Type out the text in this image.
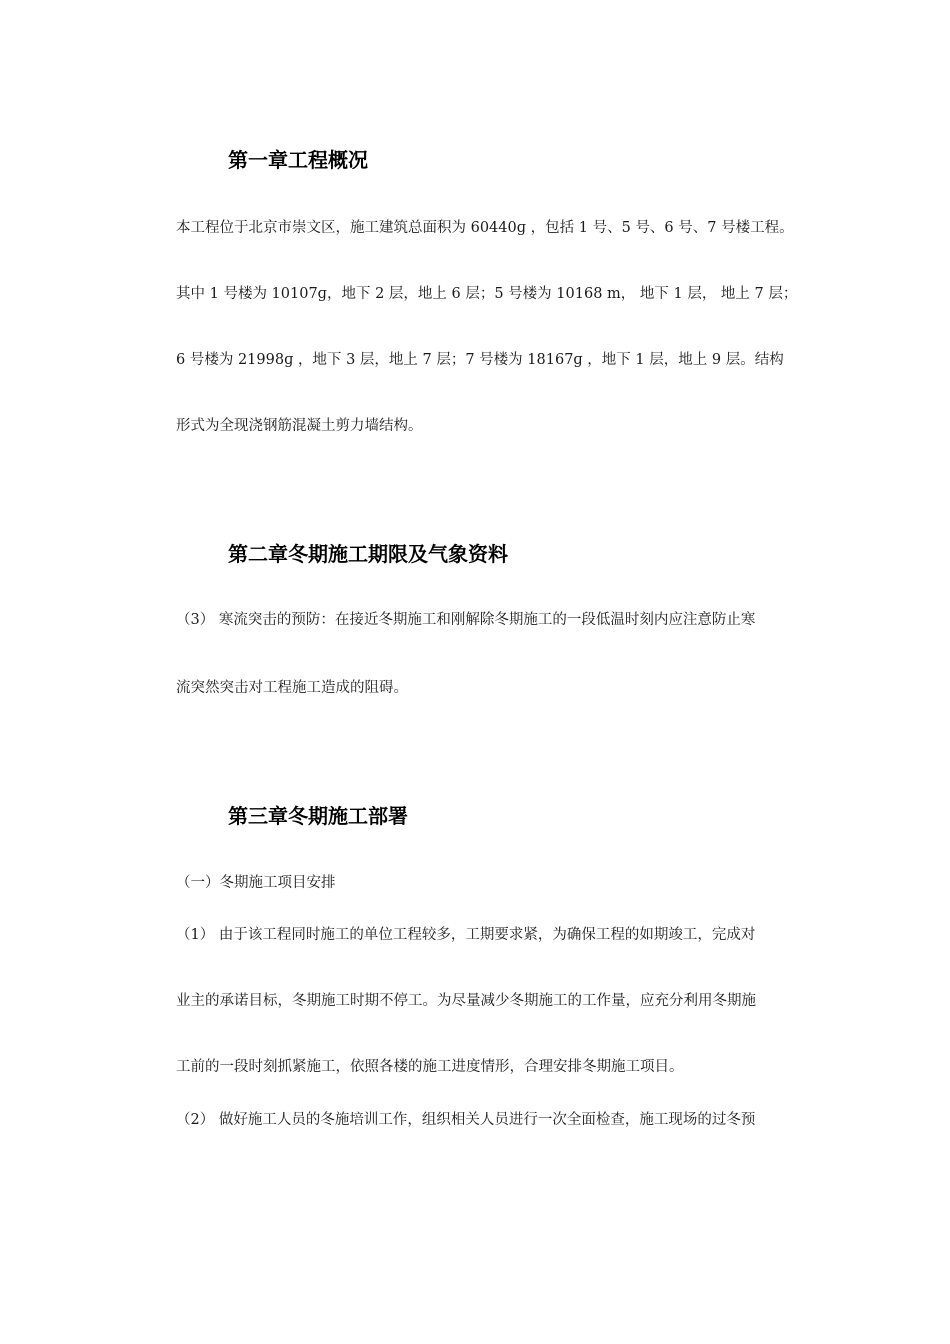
第一章工程概况
本工程位于北京市崇文区，施工建筑总面积为 60440ɡ ，包括 1 号、5 号、6 号、7 号楼工程。
其中 1 号楼为 10107ɡ，地下 2 层，地上 6 层；5 号楼为 10168 m， 地下 1 层， 地上 7 层；
6 号楼为 21998ɡ ，地下 3 层，地上 7 层；7 号楼为 18167ɡ ，地下 1 层，地上 9 层。结构
形式为全现浇钢筋混凝土剪力墙结构。
第二章冬期施工期限及气象资料
（3） 寒流突击的预防：在接近冬期施工和刚解除冬期施工的一段低温时刻内应注意防止寒
流突然突击对工程施工造成的阻碍。
第三章冬期施工部署
（一）冬期施工项目安排
（1） 由于该工程同时施工的单位工程较多，工期要求紧，为确保工程的如期竣工，完成对
业主的承诺目标，冬期施工时期不停工。为尽量减少冬期施工的工作量，应充分利用冬期施
工前的一段时刻抓紧施工，依照各楼的施工进度情形，合理安排冬期施工项目。
（2） 做好施工人员的冬施培训工作，组织相关人员进行一次全面检查，施工现场的过冬预
